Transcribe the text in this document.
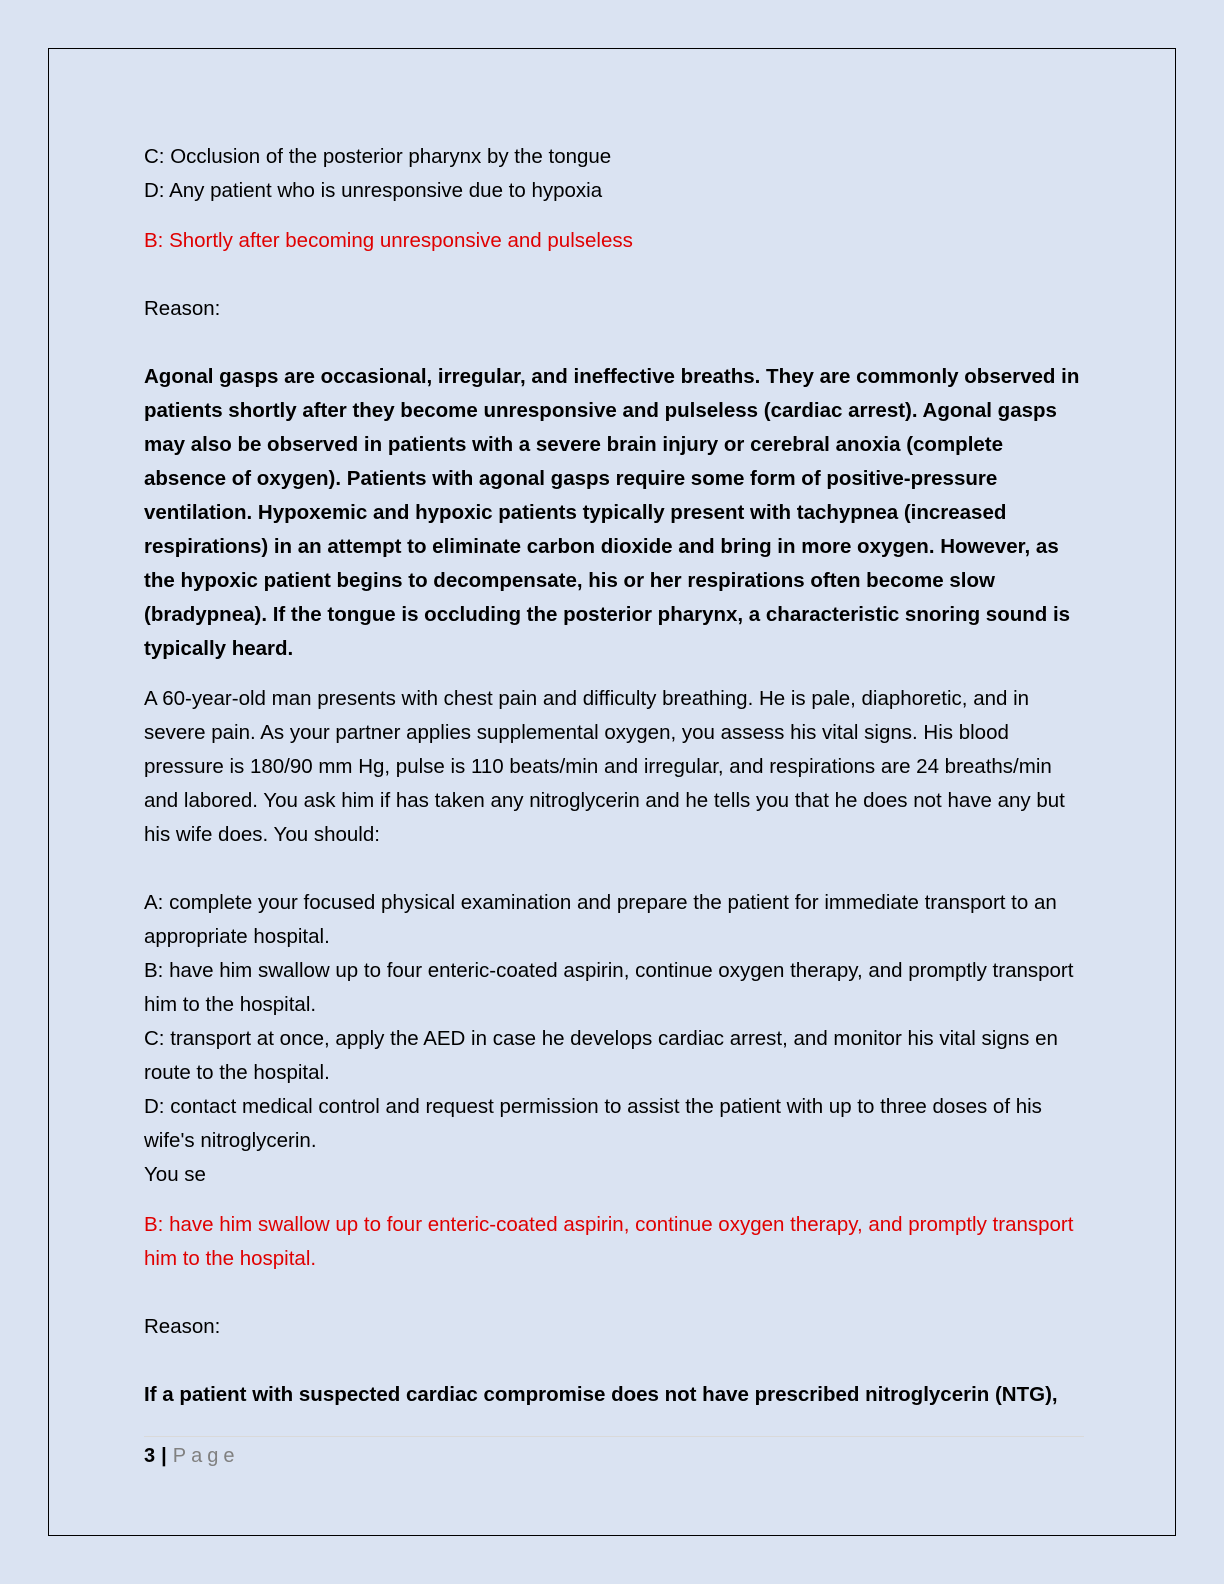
C: Occlusion of the posterior pharynx by the tongue

D: Any patient who is unresponsive due to hypoxia

B: Shortly after becoming unresponsive and pulseless

Reason:

Agonal gasps are occasional, irregular, and ineffective breaths. They are commonly observed in patients shortly after they become unresponsive and pulseless (cardiac arrest). Agonal gasps may also be observed in patients with a severe brain injury or cerebral anoxia (complete absence of oxygen). Patients with agonal gasps require some form of positive-pressure ventilation. Hypoxemic and hypoxic patients typically present with tachypnea (increased respirations) in an attempt to eliminate carbon dioxide and bring in more oxygen. However, as the hypoxic patient begins to decompensate, his or her respirations often become slow (bradypnea). If the tongue is occluding the posterior pharynx, a characteristic snoring sound is typically heard.

A 60-year-old man presents with chest pain and difficulty breathing. He is pale, diaphoretic, and in severe pain. As your partner applies supplemental oxygen, you assess his vital signs. His blood pressure is 180/90 mm Hg, pulse is 110 beats/min and irregular, and respirations are 24 breaths/min and labored. You ask him if has taken any nitroglycerin and he tells you that he does not have any but his wife does. You should:

A: complete your focused physical examination and prepare the patient for immediate transport to an appropriate hospital.

B: have him swallow up to four enteric-coated aspirin, continue oxygen therapy, and promptly transport him to the hospital.

C: transport at once, apply the AED in case he develops cardiac arrest, and monitor his vital signs en route to the hospital.

D: contact medical control and request permission to assist the patient with up to three doses of his wife's nitroglycerin.

You se

B: have him swallow up to four enteric-coated aspirin, continue oxygen therapy, and promptly transport him to the hospital.

Reason:

If a patient with suspected cardiac compromise does not have prescribed nitroglycerin (NTG),

3 | Page
